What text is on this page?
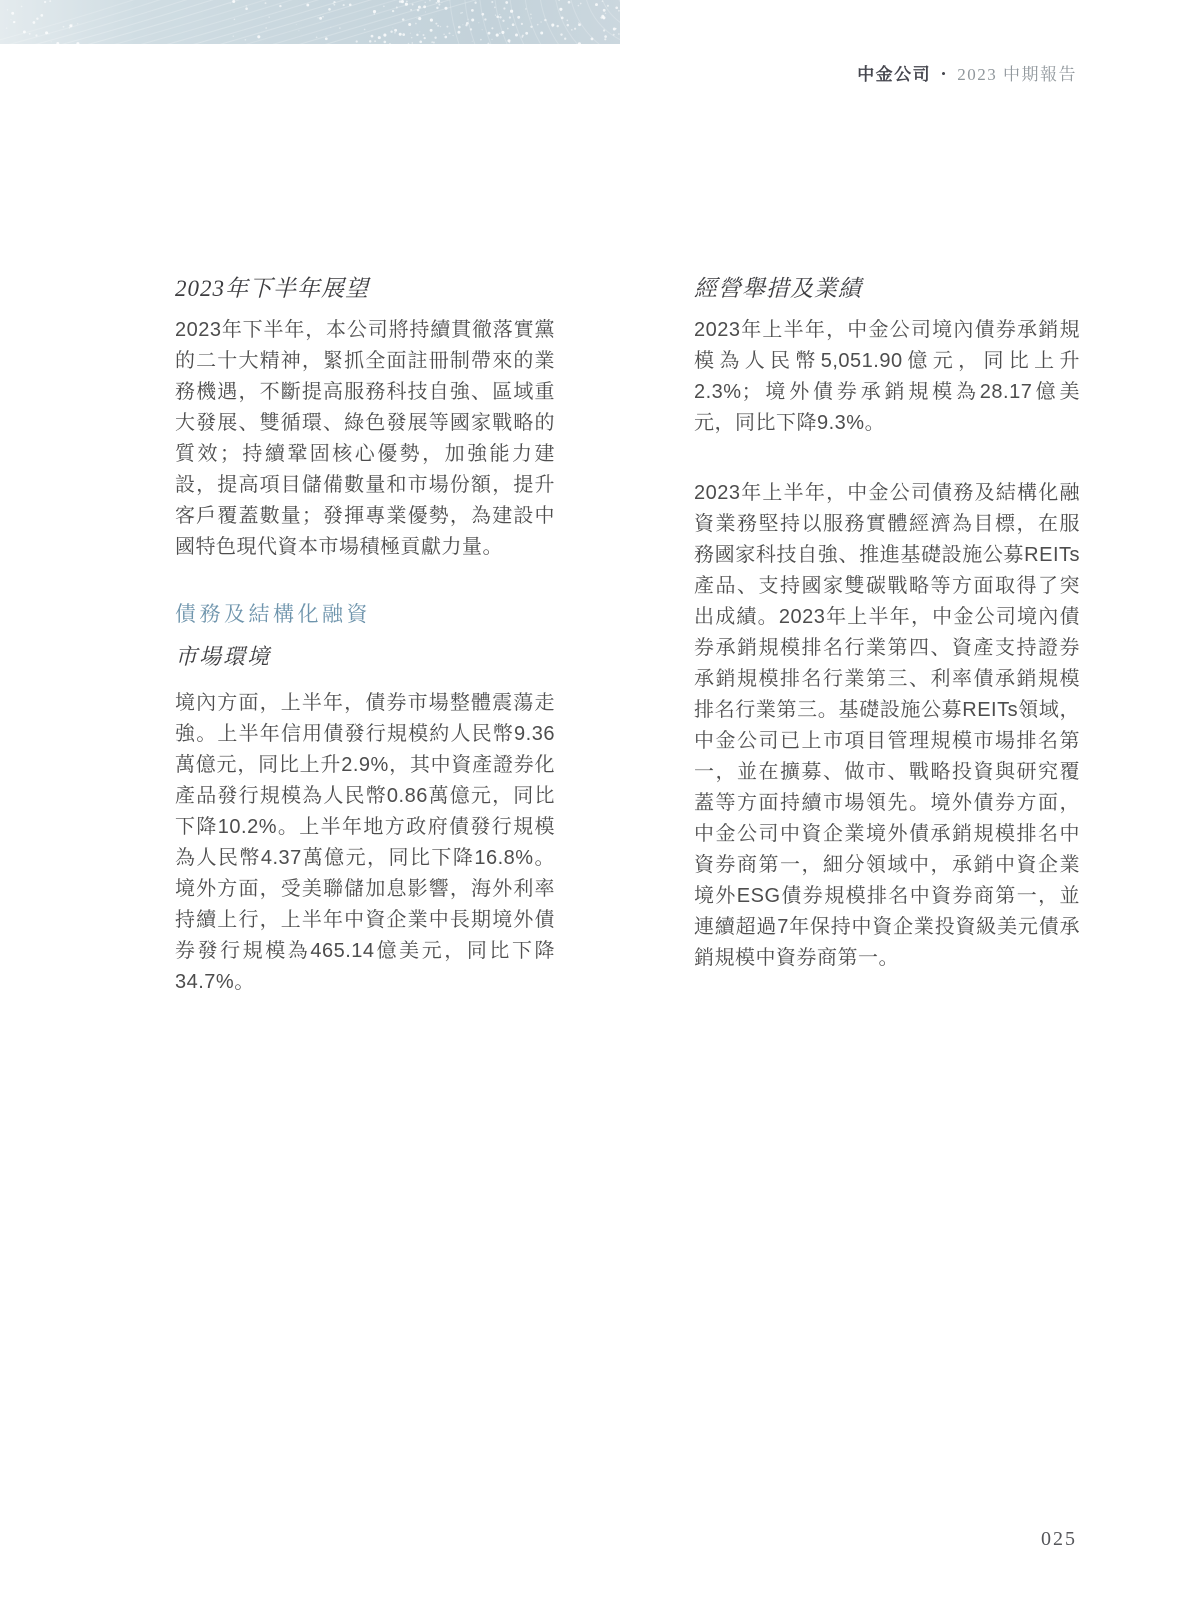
中金公司 • 2023 中期報告
2023年下半年展望

2023年下半年，本公司將持續貫徹落實黨的二十大精神，緊抓全面註冊制帶來的業務機遇，不斷提高服務科技自強、區域重大發展、雙循環、綠色發展等國家戰略的質效；持續鞏固核心優勢，加強能力建設，提高項目儲備數量和市場份額，提升客戶覆蓋數量；發揮專業優勢，為建設中國特色現代資本市場積極貢獻力量。

債務及結構化融資
市場環境

境內方面，上半年，債券市場整體震蕩走強。上半年信用債發行規模約人民幣9.36萬億元，同比上升2.9%，其中資產證券化產品發行規模為人民幣0.86萬億元，同比下降10.2%。上半年地方政府債發行規模為人民幣4.37萬億元，同比下降16.8%。境外方面，受美聯儲加息影響，海外利率持續上行，上半年中資企業中長期境外債券發行規模為465.14億美元，同比下降34.7%。

經營舉措及業績

2023年上半年，中金公司境內債券承銷規模為人民幣5,051.90億元，同比上升2.3%；境外債券承銷規模為28.17億美元，同比下降9.3%。

2023年上半年，中金公司債務及結構化融資業務堅持以服務實體經濟為目標，在服務國家科技自強、推進基礎設施公募REITs產品、支持國家雙碳戰略等方面取得了突出成績。2023年上半年，中金公司境內債券承銷規模排名行業第四、資產支持證券承銷規模排名行業第三、利率債承銷規模排名行業第三。基礎設施公募REITs領域，中金公司已上市項目管理規模市場排名第一，並在擴募、做市、戰略投資與研究覆蓋等方面持續市場領先。境外債券方面，中金公司中資企業境外債承銷規模排名中資券商第一，細分領域中，承銷中資企業境外ESG債券規模排名中資券商第一，並連續超過7年保持中資企業投資級美元債承銷規模中資券商第一。

025
